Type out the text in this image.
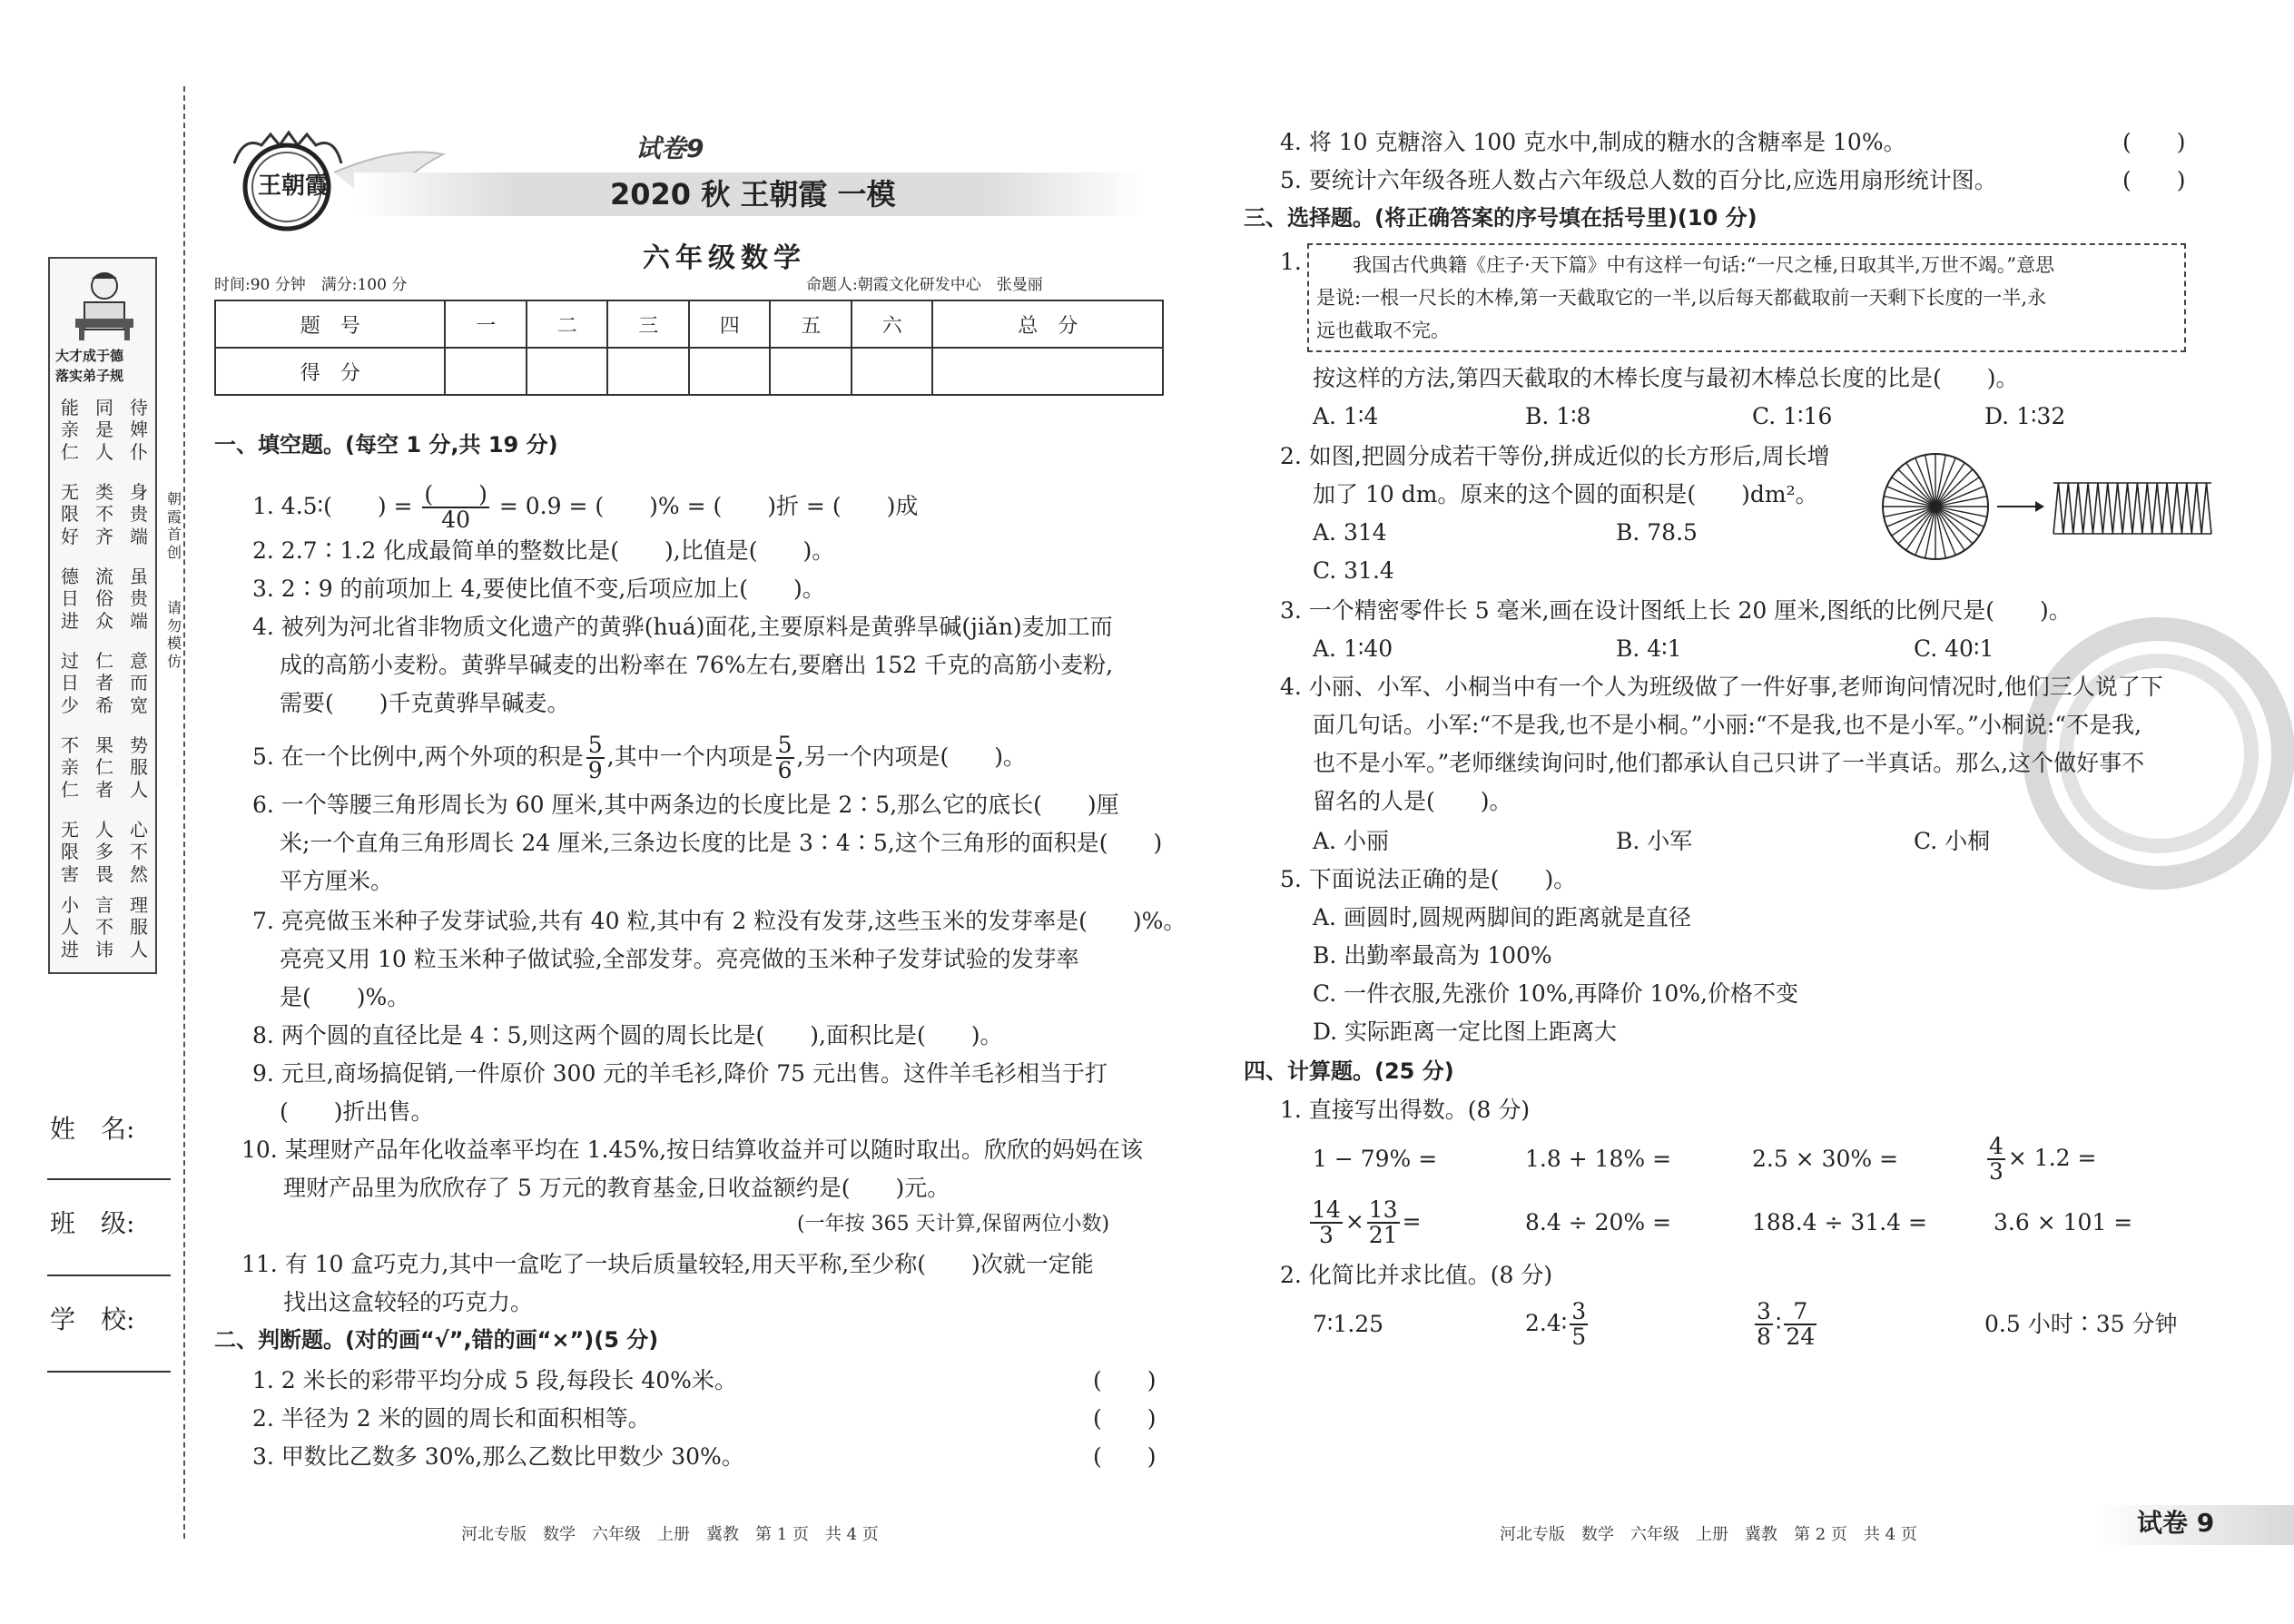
大才成于德
落实弟子规
能亲仁
同是人
待婢仆
无限好
类不齐
身贵端
德日进
流俗众
虽贵端
过日少
仁者希
意而宽
不亲仁
果仁者
势服人
无限害
人多畏
心不然
小人进
言不讳
理服人
朝霞首创
请勿模仿
姓　名:
班　级:
学　校:
王朝霞
试卷9
2020 秋 王朝霞 一模
六年级数学
时间:90 分钟　满分:100 分	命题人:朝霞文化研发中心　张曼丽
题　号	一	二	三	四	五	六	总　分
得　分							
一、填空题。(每空 1 分,共 19 分)
1. 4.5∶(　　) = $\frac{( )}{40} = 0.9$ = (　　)% = (　　)折 = (　　)成
2. 2.7∶1.2 化成最简单的整数比是(　　),比值是(　　)。
3. 2∶9 的前项加上 4,要使比值不变,后项应加上(　　)。
4. 被列为河北省非物质文化遗产的黄骅(huá)面花,主要原料是黄骅旱碱(jiǎn)麦加工而
成的高筋小麦粉。黄骅旱碱麦的出粉率在 76%左右,要磨出 152 千克的高筋小麦粉,
需要(　　)千克黄骅旱碱麦。
5. 在一个比例中,两个外项的积是 $\frac{5}{9}$ ,其中一个内项是 $\frac{5}{6}$ ,另一个内项是(　　)。
6. 一个等腰三角形周长为 60 厘米,其中两条边的长度比是 2∶5,那么它的底长(　　)厘
米;一个直角三角形周长 24 厘米,三条边长度的比是 3∶4∶5,这个三角形的面积是(　　)
平方厘米。
7. 亮亮做玉米种子发芽试验,共有 40 粒,其中有 2 粒没有发芽,这些玉米的发芽率是(　　)%。
亮亮又用 10 粒玉米种子做试验,全部发芽。亮亮做的玉米种子发芽试验的发芽率
是(　　)%。
8. 两个圆的直径比是 4∶5,则这两个圆的周长比是(　　),面积比是(　　)。
9. 元旦,商场搞促销,一件原价 300 元的羊毛衫,降价 75 元出售。这件羊毛衫相当于打
(　　)折出售。
10. 某理财产品年化收益率平均在 1.45%,按日结算收益并可以随时取出。欣欣的妈妈在该
理财产品里为欣欣存了 5 万元的教育基金,日收益额约是(　　)元。
(一年按 365 天计算,保留两位小数)
11. 有 10 盒巧克力,其中一盒吃了一块后质量较轻,用天平称,至少称(　　)次就一定能
找出这盒较轻的巧克力。
二、判断题。(对的画“√”,错的画“×”)(5 分)
1. 2 米长的彩带平均分成 5 段,每段长 40%米。	(　　)
2. 半径为 2 米的圆的周长和面积相等。	(　　)
3. 甲数比乙数多 30%,那么乙数比甲数少 30%。	(　　)
河北专版　数学　六年级　上册　冀教　第 1 页　共 4 页
4. 将 10 克糖溶入 100 克水中,制成的糖水的含糖率是 10%。	(　　)
5. 要统计六年级各班人数占六年级总人数的百分比,应选用扇形统计图。	(　　)
三、选择题。(将正确答案的序号填在括号里)(10 分)
1.	我国古代典籍《庄子·天下篇》中有这样一句话:“一尺之棰,日取其半,万世不竭。”意思
是说:一根一尺长的木棒,第一天截取它的一半,以后每天都截取前一天剩下长度的一半,永
远也截取不完。
按这样的方法,第四天截取的木棒长度与最初木棒总长度的比是(　　)。
A. 1∶4	B. 1∶8	C. 1∶16	D. 1∶32
2. 如图,把圆分成若干等份,拼成近似的长方形后,周长增
加了 10 dm。原来的这个圆的面积是(　　)dm²。
A. 314	B. 78.5
C. 31.4
3. 一个精密零件长 5 毫米,画在设计图纸上长 20 厘米,图纸的比例尺是(　　)。
A. 1∶40	B. 4∶1	C. 40∶1
4. 小丽、小军、小桐当中有一个人为班级做了一件好事,老师询问情况时,他们三人说了下
面几句话。小军:“不是我,也不是小桐。”小丽:“不是我,也不是小军。”小桐说:“不是我,
也不是小军。”老师继续询问时,他们都承认自己只讲了一半真话。那么,这个做好事不
留名的人是(　　)。
A. 小丽	B. 小军	C. 小桐
5. 下面说法正确的是(　　)。
A. 画圆时,圆规两脚间的距离就是直径
B. 出勤率最高为 100%
C. 一件衣服,先涨价 10%,再降价 10%,价格不变
D. 实际距离一定比图上距离大
四、计算题。(25 分)
1. 直接写出得数。(8 分)
1 − 79% =	1.8 + 18% =	2.5 × 30% =	$\frac{4}{3} \times 1.2$ =
$\frac{14}{3} \times \frac{13}{21}$ =	8.4 ÷ 20% =	188.4 ÷ 31.4 =	3.6 × 101 =
2. 化简比并求比值。(8 分)
7∶1.25	2.4∶ $\frac{3}{5}$	$\frac{3}{8}$ ∶ $\frac{7}{24}$	0.5 小时∶35 分钟
河北专版　数学　六年级　上册　冀教　第 2 页　共 4 页	试卷 9
